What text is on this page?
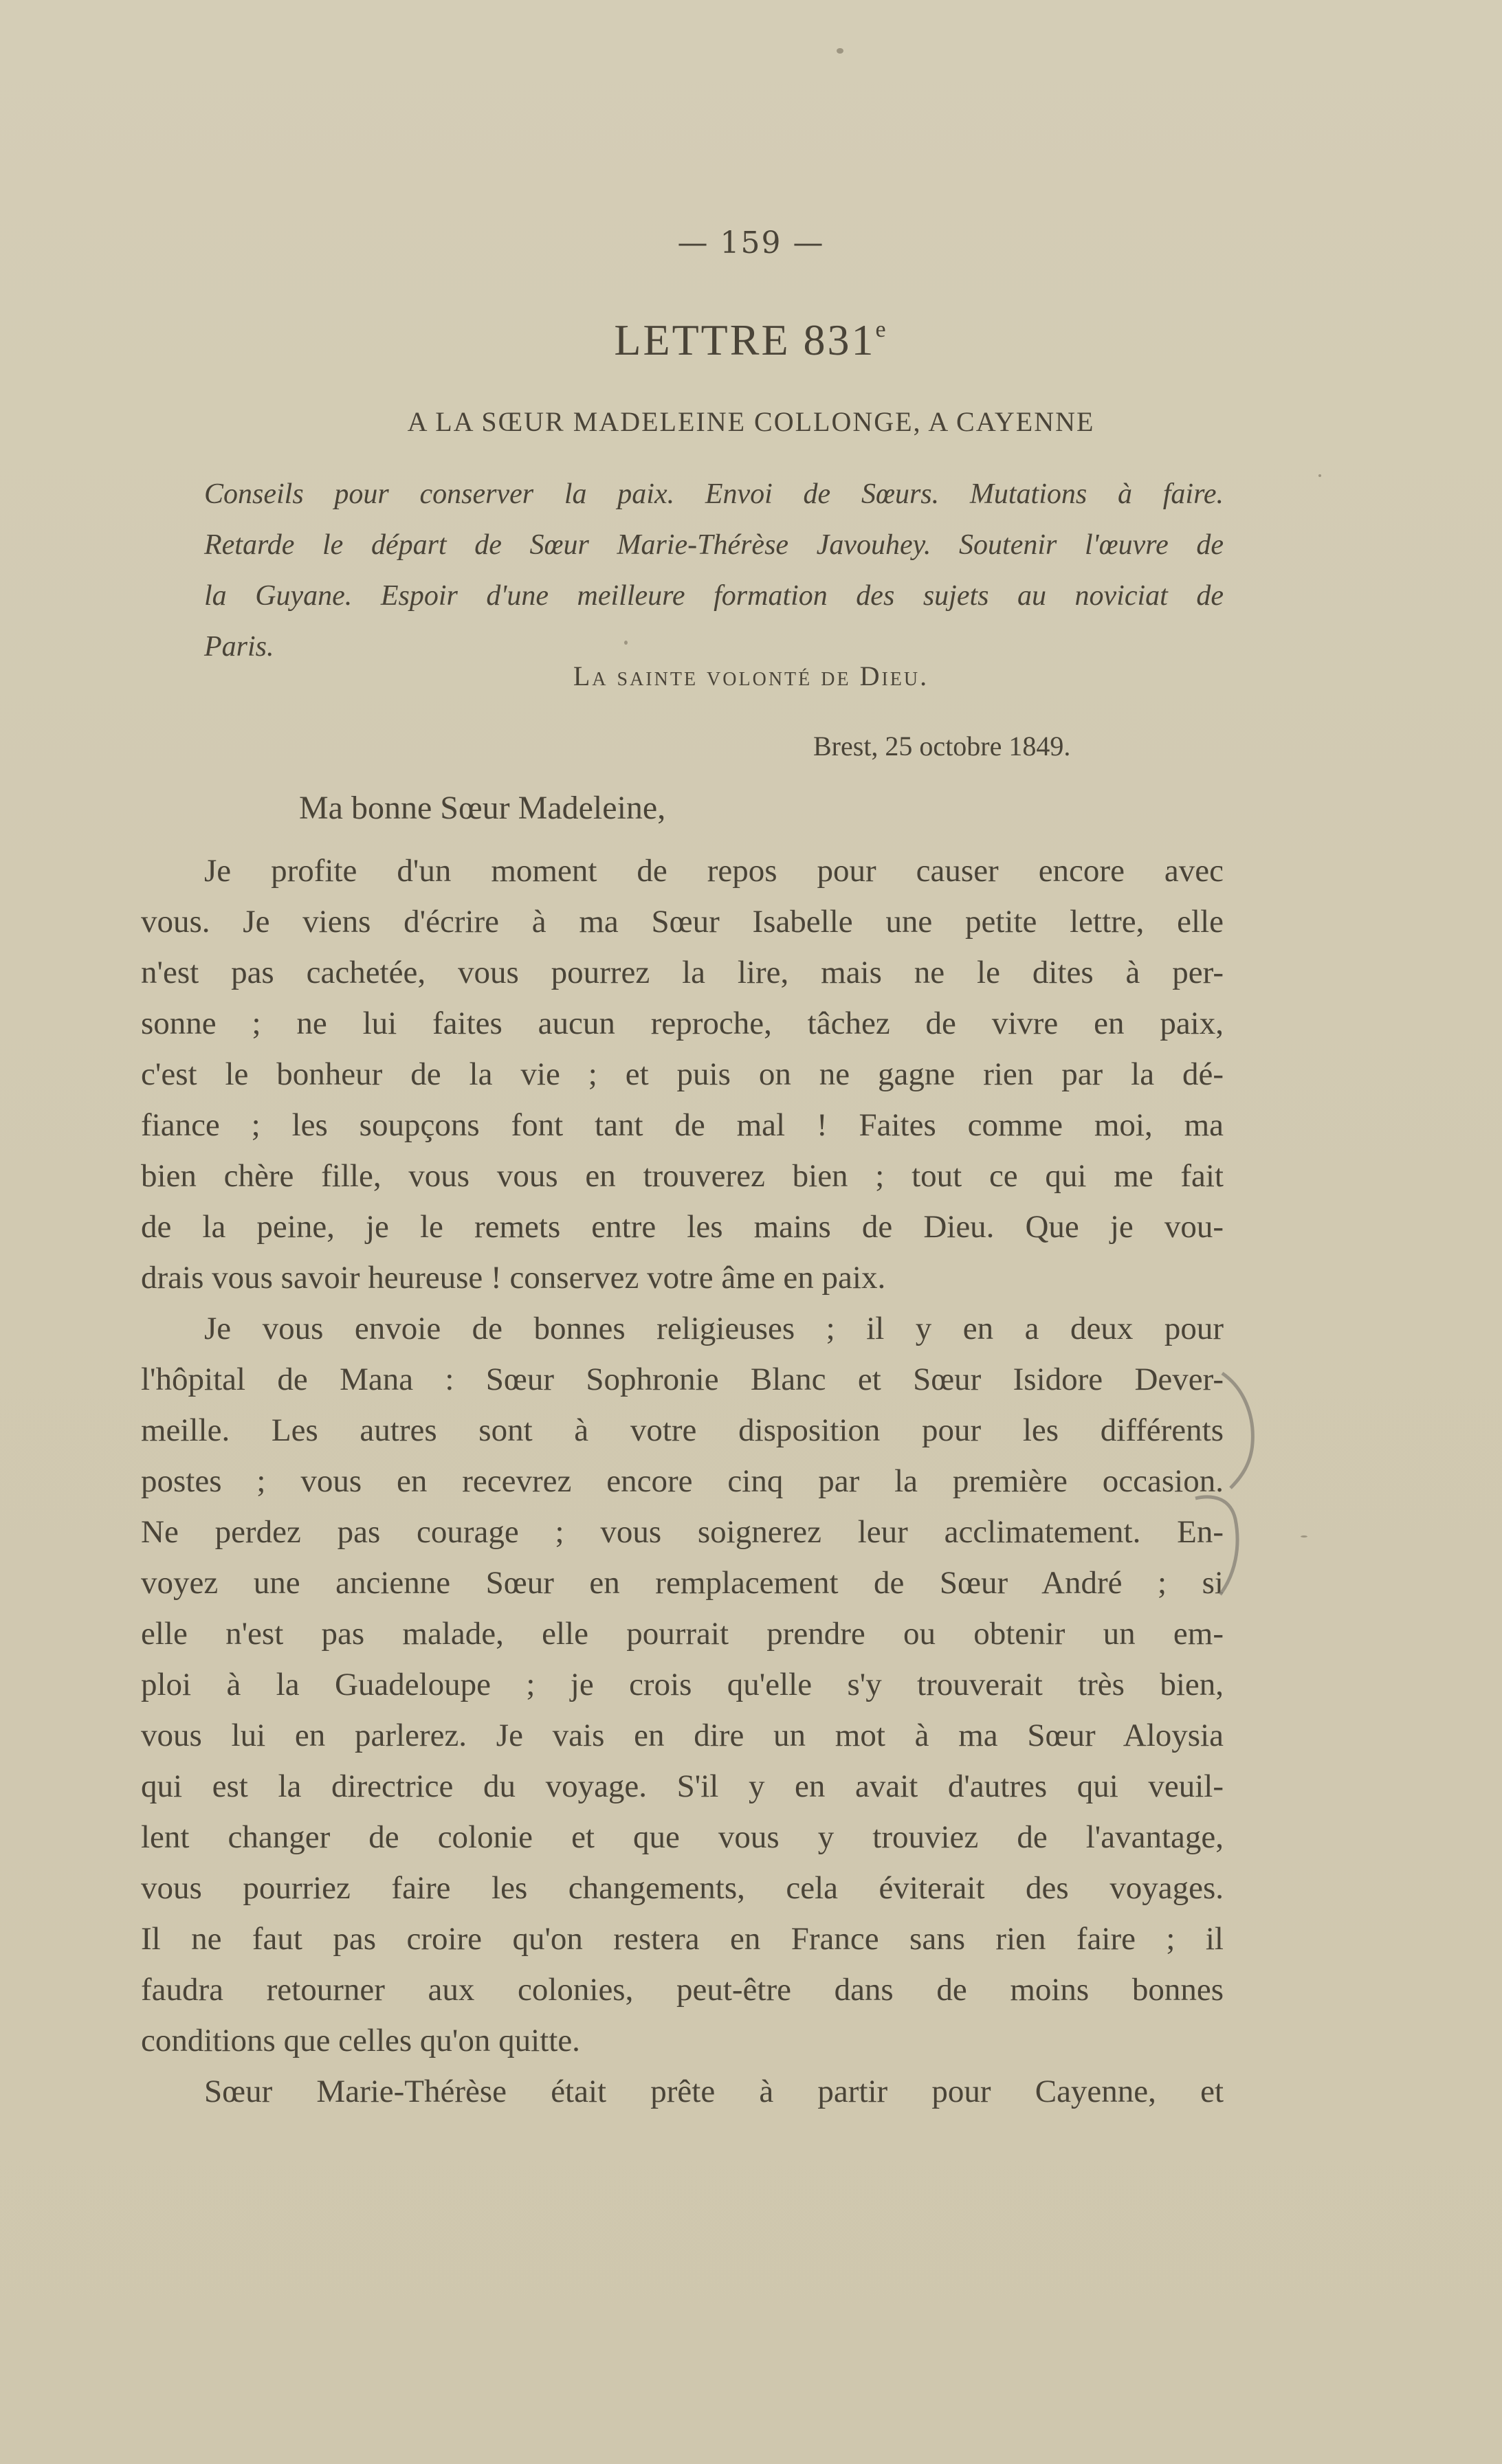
— 159 —
LETTRE 831e
A LA SŒUR MADELEINE COLLONGE, A CAYENNE
Conseils pour conserver la paix. Envoi de Sœurs. Mutations à faire.
Retarde le départ de Sœur Marie-Thérèse Javouhey. Soutenir l'œuvre de
la Guyane. Espoir d'une meilleure formation des sujets au noviciat de
Paris.
La sainte volonté de Dieu.
Brest, 25 octobre 1849.
Ma bonne Sœur Madeleine,
Je profite d'un moment de repos pour causer encore avec
vous. Je viens d'écrire à ma Sœur Isabelle une petite lettre, elle
n'est pas cachetée, vous pourrez la lire, mais ne le dites à per-
sonne ; ne lui faites aucun reproche, tâchez de vivre en paix,
c'est le bonheur de la vie ; et puis on ne gagne rien par la dé-
fiance ; les soupçons font tant de mal ! Faites comme moi, ma
bien chère fille, vous vous en trouverez bien ; tout ce qui me fait
de la peine, je le remets entre les mains de Dieu. Que je vou-
drais vous savoir heureuse ! conservez votre âme en paix.
Je vous envoie de bonnes religieuses ; il y en a deux pour
l'hôpital de Mana : Sœur Sophronie Blanc et Sœur Isidore Dever-
meille. Les autres sont à votre disposition pour les différents
postes ; vous en recevrez encore cinq par la première occasion.
Ne perdez pas courage ; vous soignerez leur acclimatement. En-
voyez une ancienne Sœur en remplacement de Sœur André ; si
elle n'est pas malade, elle pourrait prendre ou obtenir un em-
ploi à la Guadeloupe ; je crois qu'elle s'y trouverait très bien,
vous lui en parlerez. Je vais en dire un mot à ma Sœur Aloysia
qui est la directrice du voyage. S'il y en avait d'autres qui veuil-
lent changer de colonie et que vous y trouviez de l'avantage,
vous pourriez faire les changements, cela éviterait des voyages.
Il ne faut pas croire qu'on restera en France sans rien faire ; il
faudra retourner aux colonies, peut-être dans de moins bonnes
conditions que celles qu'on quitte.
Sœur Marie-Thérèse était prête à partir pour Cayenne, et
